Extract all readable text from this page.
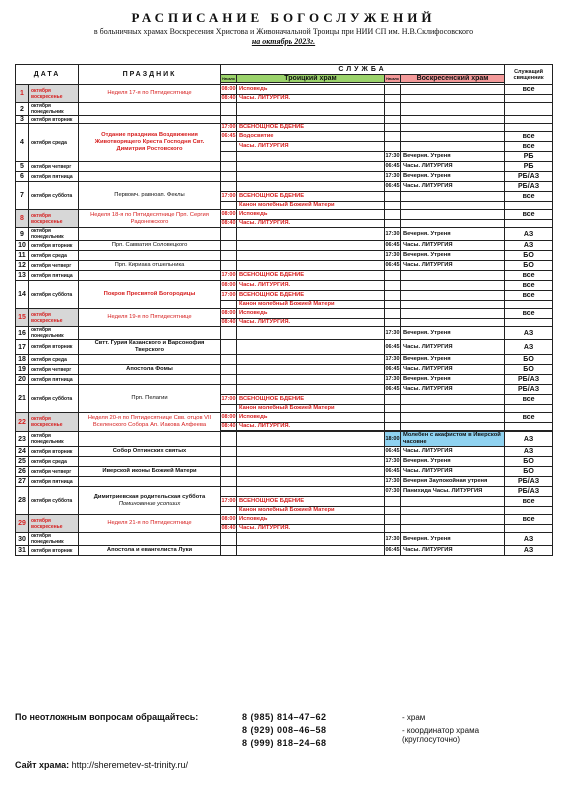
РАСПИСАНИЕ БОГОСЛУЖЕНИЙ
в больничных храмах Воскресения Христова и Живоначальной Троицы при НИИ СП им. Н.В.Склифосовского
на октябрь 2023г.
ДАТА		ПРАЗДНИК	СЛУЖБА				Служащий священник
			Начало	Троицкий храм	Начало	Воскресенский храм	

1	октября воскресенье	Неделя 17-я по Пятидесятнице	08:00	Исповедь			все
			08:40	Часы. ЛИТУРГИЯ.			
2	октября понедельник						
3	октября вторник						
4	октября среда	Отдание праздника Воздвижения Животворящего Креста Господня Свт. Димитрия Ростовского	17:00	ВСЕНОЩНОЕ БДЕНИЕ			
			06:45	Водосвятие			все
				Часы. ЛИТУРГИЯ			все
					17:30	Вечерня. Утреня	РБ
5	октября четверг				06:45	Часы. ЛИТУРГИЯ	РБ
6	октября пятница				17:30	Вечерня. Утреня	РБ/АЗ
7	октября суббота	Первомч. равноап. Феклы			06:45	Часы. ЛИТУРГИЯ	РБ/АЗ
			17:00	ВСЕНОЩНОЕ БДЕНИЕ			все
				Канон молебный Божией Матери			
8	октября воскресенье	Неделя 18-я по Пятидесятнице Прп. Сергия Радонежского	08:00	Исповедь			все
			08:40	Часы. ЛИТУРГИЯ.			
9	октября понедельник				17:30	Вечерня. Утреня	АЗ
10	октября вторник	Прп. Савватия Соловецкого			06:45	Часы. ЛИТУРГИЯ	АЗ
11	октября среда				17:30	Вечерня. Утреня	БО
12	октября четверг	Прп. Кириака отшельника			06:45	Часы. ЛИТУРГИЯ	БО
13	октября пятница		17:00	ВСЕНОЩНОЕ БДЕНИЕ			все
14	октября суббота	Покров Пресвятой Богородицы	08:00	Часы. ЛИТУРГИЯ.			все
			17:00	ВСЕНОЩНОЕ БДЕНИЕ			все
				Канон молебный Божией Матери			
15	октября воскресенье	Неделя 19-я по Пятидесятнице	08:00	Исповедь			все
			08:40	Часы. ЛИТУРГИЯ.			
16	октября понедельник				17:30	Вечерня. Утреня	АЗ
17	октября вторник	Свтт. Гурия Казанского и Варсонофия Тверского			06:45	Часы. ЛИТУРГИЯ	АЗ
18	октября среда				17:30	Вечерня. Утреня	БО
19	октября четверг	Апостола Фомы			06:45	Часы. ЛИТУРГИЯ	БО
20	октября пятница				17:30	Вечерня. Утреня	РБ/АЗ
21	октября суббота	Прп. Пелагии			06:45	Часы. ЛИТУРГИЯ	РБ/АЗ
			17:00	ВСЕНОЩНОЕ БДЕНИЕ			все
				Канон молебный Божией Матери			
22	октября воскресенье	Неделя 20-я по Пятидесятнице Свв. отцов VII Вселенского Собора Ап. Иакова Алфеева	08:00	Исповедь			все
			08:40	Часы. ЛИТУРГИЯ.			

23	октября понедельник				18:00	Молебен с акафистом в Иверской часовне	АЗ
24	октября вторник	Собор Оптинских святых			06:45	Часы. ЛИТУРГИЯ	АЗ
25	октября среда				17:30	Вечерня. Утреня	БО
26	октября четверг	Иверской иконы Божией Матери			06:45	Часы. ЛИТУРГИЯ	БО
27	октября пятница				17:30	Вечерня Заупокойная утреня	РБ/АЗ
28	октября суббота	Димитриевская родительская суббота
Поминовение усопших			07:30	Панихида Часы. ЛИТУРГИЯ	РБ/АЗ
			17:00	ВСЕНОЩНОЕ БДЕНИЕ			все
				Канон молебный Божией Матери			
29	октября воскресенье	Неделя 21-я по Пятидесятнице	08:00	Исповедь			все
			08:40	Часы. ЛИТУРГИЯ.			
30	октября понедельник				17:30	Вечерня. Утреня	АЗ
31	октября вторник	Апостола и евангелиста Луки			06:45	Часы. ЛИТУРГИЯ	АЗ
По неотложным вопросам обращайтесь:	8 (985) 814–47–62
8 (929) 008–46–58
8 (999) 818–24–68
- храм
- координатор храма (круглосуточно)
Сайт храма: http://sheremetev-st-trinity.ru/
